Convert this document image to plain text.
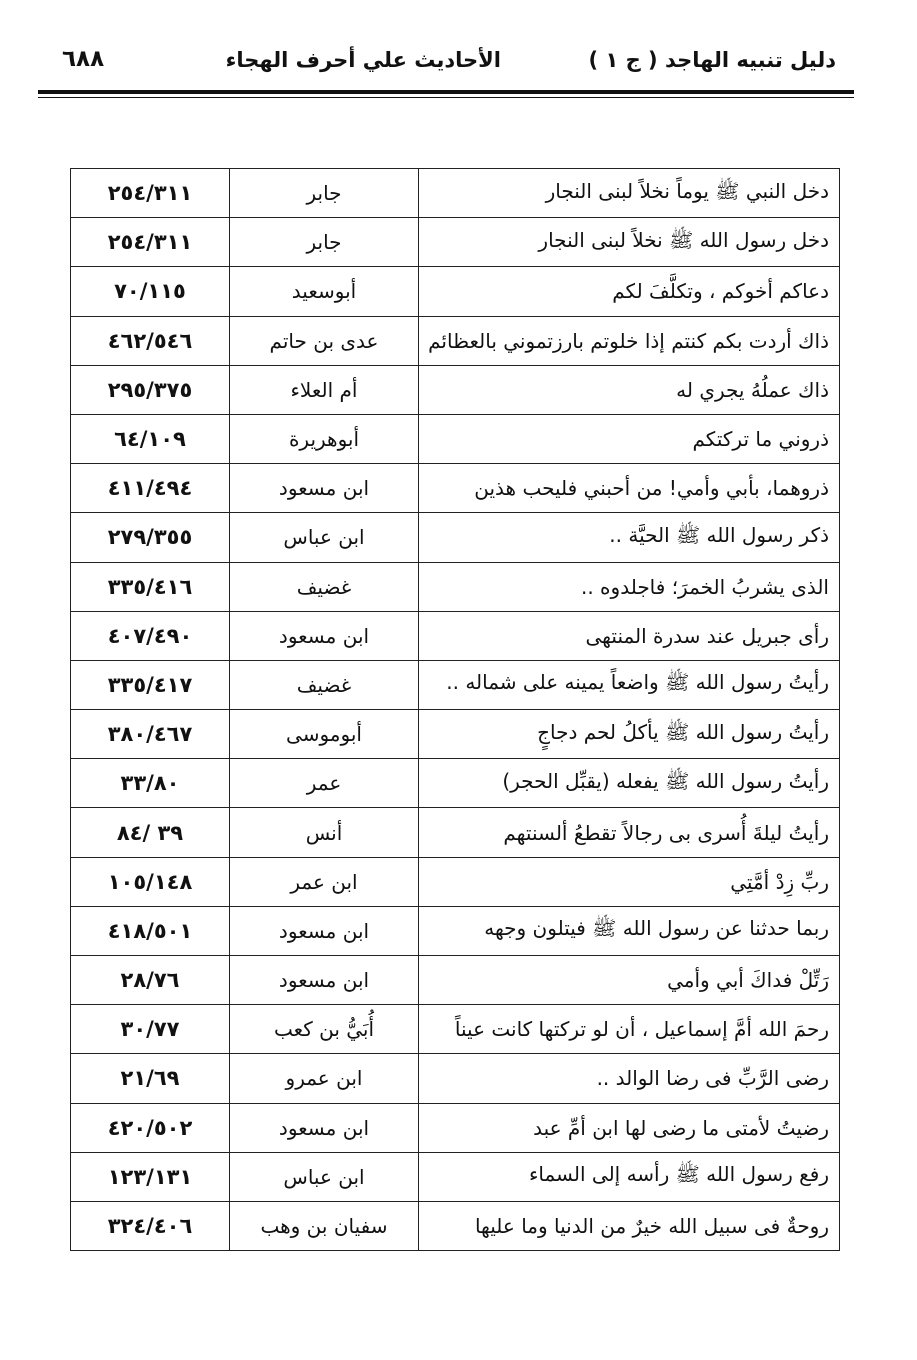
دليل تنبيه الهاجد ( ج ١ )
الأحاديث علي أحرف الهجاء
٦٨٨
دخل النبي ﷺ يوماً نخلاً لبنى النجار	جابر	٢٥٤/٣١١
دخل رسول الله ﷺ نخلاً لبنى النجار	جابر	٢٥٤/٣١١
دعاكم أخوكم ، وتكلَّفَ لكم	أبوسعيد	٧٠/١١٥
ذاك أردت بكم كنتم إذا خلوتم بارزتموني بالعظائم	عدى بن حاتم	٤٦٢/٥٤٦
ذاك عملُهُ يجري له	أم العلاء	٢٩٥/٣٧٥
ذروني ما تركتكم	أبوهريرة	٦٤/١٠٩
ذروهما، بأبي وأمي! من أحبني فليحب هذين	ابن مسعود	٤١١/٤٩٤
ذكر رسول الله ﷺ الحيَّة ..	ابن عباس	٢٧٩/٣٥٥
الذى يشربُ الخمرَ؛ فاجلدوه ..	غضيف	٣٣٥/٤١٦
رأى جبريل عند سدرة المنتهى	ابن مسعود	٤٠٧/٤٩٠
رأيتُ رسول الله ﷺ واضعاً يمينه على شماله ..	غضيف	٣٣٥/٤١٧
رأيتُ رسول الله ﷺ يأكلُ لحم دجاجٍ	أبوموسى	٣٨٠/٤٦٧
رأيتُ رسول الله ﷺ يفعله (يقبِّل الحجر)	عمر	٣٣/٨٠
رأيتُ ليلةَ أُسرى بى رجالاً تقطعُ ألسنتهم	أنس	٣٩ /٨٤
ربِّ زِدْ أمَّتِي	ابن عمر	١٠٥/١٤٨
ربما حدثنا عن رسول الله ﷺ فيتلون وجهه	ابن مسعود	٤١٨/٥٠١
رَتِّلْ فداكَ أبي وأمي	ابن مسعود	٢٨/٧٦
رحمَ الله أمَّ إسماعيل ، أن لو تركتها كانت عيناً	أُبَيُّ بن كعب	٣٠/٧٧
رضى الرَّبِّ فى رضا الوالد ..	ابن عمرو	٢١/٦٩
رضيتُ لأمتى ما رضى لها ابن أمِّ عبد	ابن مسعود	٤٢٠/٥٠٢
رفع رسول الله ﷺ رأسه إلى السماء	ابن عباس	١٢٣/١٣١
روحةٌ فى سبيل الله خيرٌ من الدنيا وما عليها	سفيان بن وهب	٣٢٤/٤٠٦
